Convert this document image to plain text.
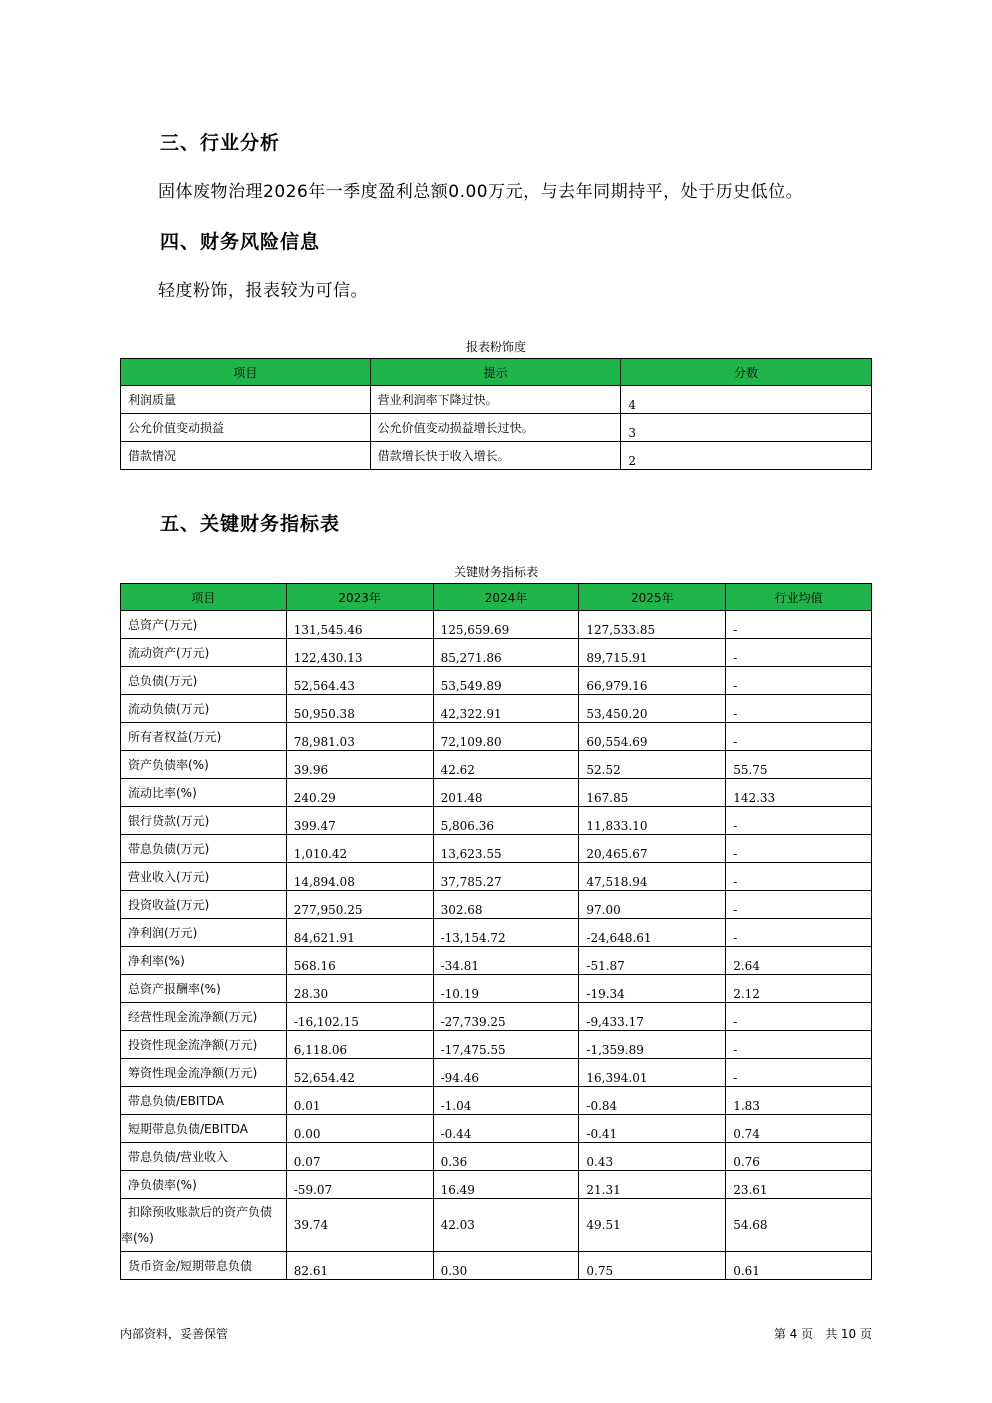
三、行业分析

固体废物治理2026年一季度盈利总额0.00万元，与去年同期持平，处于历史低位。

四、财务风险信息

轻度粉饰，报表较为可信。

报表粉饰度
项目	提示	分数
利润质量	营业利润率下降过快。	4
公允价值变动损益	公允价值变动损益增长过快。	3
借款情况	借款增长快于收入增长。	2
五、关键财务指标表
关键财务指标表
项目	2023年	2024年	2025年	行业均值
总资产(万元)	131,545.46	125,659.69	127,533.85	-
流动资产(万元)	122,430.13	85,271.86	89,715.91	-
总负债(万元)	52,564.43	53,549.89	66,979.16	-
流动负债(万元)	50,950.38	42,322.91	53,450.20	-
所有者权益(万元)	78,981.03	72,109.80	60,554.69	-
资产负债率(%)	39.96	42.62	52.52	55.75
流动比率(%)	240.29	201.48	167.85	142.33
银行贷款(万元)	399.47	5,806.36	11,833.10	-
带息负债(万元)	1,010.42	13,623.55	20,465.67	-
营业收入(万元)	14,894.08	37,785.27	47,518.94	-
投资收益(万元)	277,950.25	302.68	97.00	-
净利润(万元)	84,621.91	-13,154.72	-24,648.61	-
净利率(%)	568.16	-34.81	-51.87	2.64
总资产报酬率(%)	28.30	-10.19	-19.34	2.12
经营性现金流净额(万元)	-16,102.15	-27,739.25	-9,433.17	-
投资性现金流净额(万元)	6,118.06	-17,475.55	-1,359.89	-
筹资性现金流净额(万元)	52,654.42	-94.46	16,394.01	-
带息负债/EBITDA	0.01	-1.04	-0.84	1.83
短期带息负债/EBITDA	0.00	-0.44	-0.41	0.74
带息负债/营业收入	0.07	0.36	0.43	0.76
净负债率(%)	-59.07	16.49	21.31	23.61

扣除预收账款后的资产负债
率(%)	39.74	42.03	49.51	54.68
货币资金/短期带息负债	82.61	0.30	0.75	0.61
内部资料，妥善保管	第 4 页　共 10 页
